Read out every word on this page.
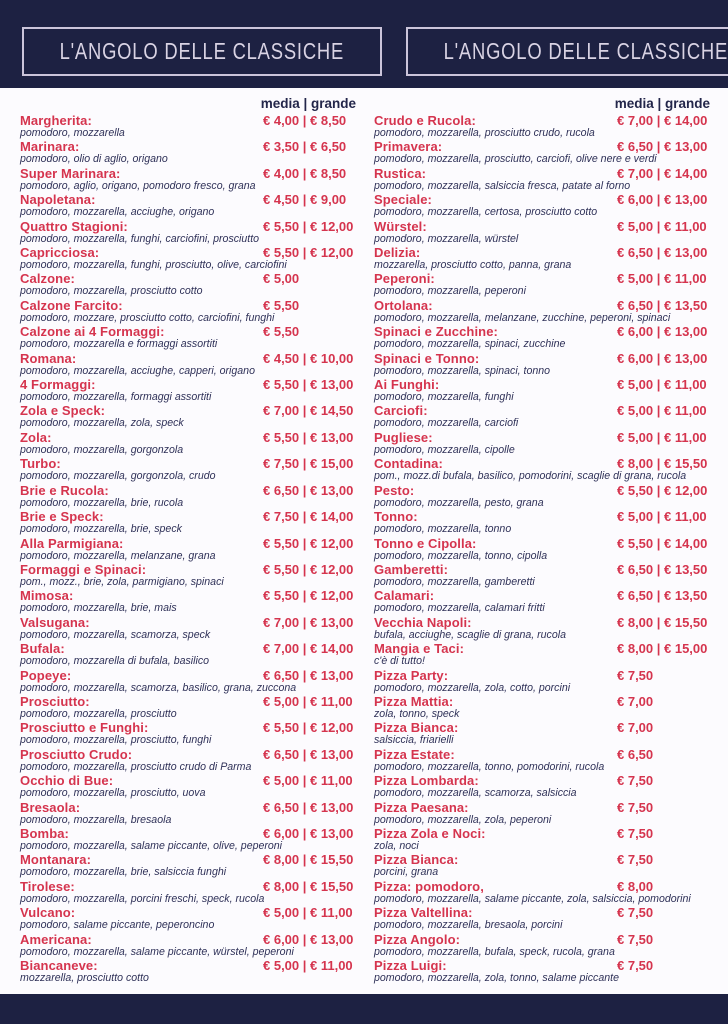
L'ANGOLO DELLE CLASSICHE	L'ANGOLO DELLE CLASSICHE
media | grande
Margherita:	€ 4,00 | € 8,50
pomodoro, mozzarella
Marinara:	€ 3,50 | € 6,50
pomodoro, olio di aglio, origano
Super Marinara:	€ 4,00 | € 8,50
pomodoro, aglio, origano, pomodoro fresco, grana
Napoletana:	€ 4,50 | € 9,00
pomodoro, mozzarella, acciughe, origano
Quattro Stagioni:	€ 5,50 | € 12,00
pomodoro, mozzarella, funghi, carciofini, prosciutto
Capricciosa:	€ 5,50 | € 12,00
pomodoro, mozzarella, funghi, prosciutto, olive, carciofini
Calzone:	€ 5,00
pomodoro, mozzarella, prosciutto cotto
Calzone Farcito:	€ 5,50
pomodoro, mozzare, prosciutto cotto, carciofini, funghi
Calzone ai 4 Formaggi:	€ 5,50
pomodoro, mozzarella e formaggi assortiti
Romana:	€ 4,50 | € 10,00
pomodoro, mozzarella, acciughe, capperi, origano
4 Formaggi:	€ 5,50 | € 13,00
pomodoro, mozzarella, formaggi assortiti
Zola e Speck:	€ 7,00 | € 14,50
pomodoro, mozzarella, zola, speck
Zola:	€ 5,50 | € 13,00
pomodoro, mozzarella, gorgonzola
Turbo:	€ 7,50 | € 15,00
pomodoro, mozzarella, gorgonzola, crudo
Brie e Rucola:	€ 6,50 | € 13,00
pomodoro, mozzarella, brie, rucola
Brie e Speck:	€ 7,50 | € 14,00
pomodoro, mozzarella, brie, speck
Alla Parmigiana:	€ 5,50 | € 12,00
pomodoro, mozzarella, melanzane, grana
Formaggi e Spinaci:	€ 5,50 | € 12,00
pom., mozz., brie, zola, parmigiano, spinaci
Mimosa:	€ 5,50 | € 12,00
pomodoro, mozzarella, brie, mais
Valsugana:	€ 7,00 | € 13,00
pomodoro, mozzarella, scamorza, speck
Bufala:	€ 7,00 | € 14,00
pomodoro, mozzarella di bufala, basilico
Popeye:	€ 6,50 | € 13,00
pomodoro, mozzarella, scamorza, basilico, grana, zuccona
Prosciutto:	€ 5,00 | € 11,00
pomodoro, mozzarella, prosciutto
Prosciutto e Funghi:	€ 5,50 | € 12,00
pomodoro, mozzarella, prosciutto, funghi
Prosciutto Crudo:	€ 6,50 | € 13,00
pomodoro, mozzarella, prosciutto crudo di Parma
Occhio di Bue:	€ 5,00 | € 11,00
pomodoro, mozzarella, prosciutto, uova
Bresaola:	€ 6,50 | € 13,00
pomodoro, mozzarella, bresaola
Bomba:	€ 6,00 | € 13,00
pomodoro, mozzarella, salame piccante, olive, peperoni
Montanara:	€ 8,00 | € 15,50
pomodoro, mozzarella, brie, salsiccia funghi
Tirolese:	€ 8,00 | € 15,50
pomodoro, mozzarella, porcini freschi, speck, rucola
Vulcano:	€ 5,00 | € 11,00
pomodoro, salame piccante, peperoncino
Americana:	€ 6,00 | € 13,00
pomodoro, mozzarella, salame piccante, würstel, peperoni
Biancaneve:	€ 5,00 | € 11,00
mozzarella, prosciutto cotto
media | grande
Crudo e Rucola:	€ 7,00 | € 14,00
pomodoro, mozzarella, prosciutto crudo, rucola
Primavera:	€ 6,50 | € 13,00
pomodoro, mozzarella, prosciutto, carciofi, olive nere e verdi
Rustica:	€ 7,00 | € 14,00
pomodoro, mozzarella, salsiccia fresca, patate al forno
Speciale:	€ 6,00 | € 13,00
pomodoro, mozzarella, certosa, prosciutto cotto
Würstel:	€ 5,00 | € 11,00
pomodoro, mozzarella, würstel
Delizia:	€ 6,50 | € 13,00
mozzarella, prosciutto cotto, panna, grana
Peperoni:	€ 5,00 | € 11,00
pomodoro, mozzarella, peperoni
Ortolana:	€ 6,50 | € 13,50
pomodoro, mozzarella, melanzane, zucchine, peperoni, spinaci
Spinaci e Zucchine:	€ 6,00 | € 13,00
pomodoro, mozzarella, spinaci, zucchine
Spinaci e Tonno:	€ 6,00 | € 13,00
pomodoro, mozzarella, spinaci, tonno
Ai Funghi:	€ 5,00 | € 11,00
pomodoro, mozzarella, funghi
Carciofi:	€ 5,00 | € 11,00
pomodoro, mozzarella, carciofi
Pugliese:	€ 5,00 | € 11,00
pomodoro, mozzarella, cipolle
Contadina:	€ 8,00 | € 15,50
pom., mozz.di bufala, basilico, pomodorini, scaglie di grana, rucola
Pesto:	€ 5,50 | € 12,00
pomodoro, mozzarella, pesto, grana
Tonno:	€ 5,00 | € 11,00
pomodoro, mozzarella, tonno
Tonno e Cipolla:	€ 5,50 | € 14,00
pomodoro, mozzarella, tonno, cipolla
Gamberetti:	€ 6,50 | € 13,50
pomodoro, mozzarella, gamberetti
Calamari:	€ 6,50 | € 13,50
pomodoro, mozzarella, calamari fritti
Vecchia Napoli:	€ 8,00 | € 15,50
bufala, acciughe, scaglie di grana, rucola
Mangia e Taci:	€ 8,00 | € 15,00
c'è di tutto!
Pizza Party:	€ 7,50
pomodoro, mozzarella, zola, cotto, porcini
Pizza Mattia:	€ 7,00
zola, tonno, speck
Pizza Bianca:	€ 7,00
salsiccia, friarielli
Pizza Estate:	€ 6,50
pomodoro, mozzarella, tonno, pomodorini, rucola
Pizza Lombarda:	€ 7,50
pomodoro, mozzarella, scamorza, salsiccia
Pizza Paesana:	€ 7,50
pomodoro, mozzarella, zola, peperoni
Pizza Zola e Noci:	€ 7,50
zola, noci
Pizza Bianca:	€ 7,50
porcini, grana
Pizza: pomodoro,	€ 8,00
pomodoro, mozzarella, salame piccante, zola, salsiccia, pomodorini
Pizza Valtellina:	€ 7,50
pomodoro, mozzarella, bresaola, porcini
Pizza Angolo:	€ 7,50
pomodoro, mozzarella, bufala, speck, rucola, grana
Pizza Luigi:	€ 7,50
pomodoro, mozzarella, zola, tonno, salame piccante
